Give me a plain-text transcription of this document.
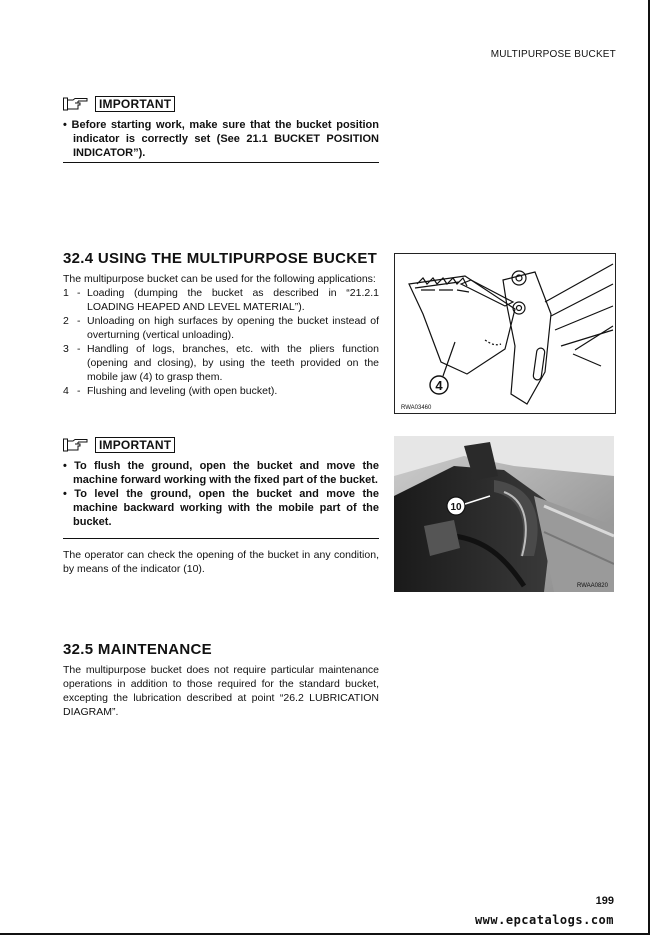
MULTIPURPOSE BUCKET
IMPORTANT

• Before starting work, make sure that the bucket position indicator is correctly set (See 21.1 BUCKET POSITION INDICATOR”).

32.4 USING THE MULTIPURPOSE BUCKET
The multipurpose bucket can be used for the following applications:
1 - Loading (dumping the bucket as described in “21.2.1 LOADING HEAPED AND LEVEL MATERIAL”).
2 - Unloading on high surfaces by opening the bucket instead of overturning (vertical unloading).
3 - Handling of logs, branches, etc. with the pliers function (opening and closing), by using the teeth provided on the mobile jaw (4) to grasp them.
4 - Flushing and leveling (with open bucket).
IMPORTANT

• To flush the ground, open the bucket and move the machine forward working with the fixed part of the bucket.

• To level the ground, open the bucket and move the machine backward working with the mobile part of the bucket.

The operator can check the opening of the bucket in any condition, by means of the indicator (10).
32.5 MAINTENANCE
The multipurpose bucket does not require particular maintenance operations in addition to those required for the standard bucket, excepting the lubrication described at point “26.2 LUBRICATION DIAGRAM”.
4
RWA03460
10
RWAA0820
199
www.epcatalogs.com
